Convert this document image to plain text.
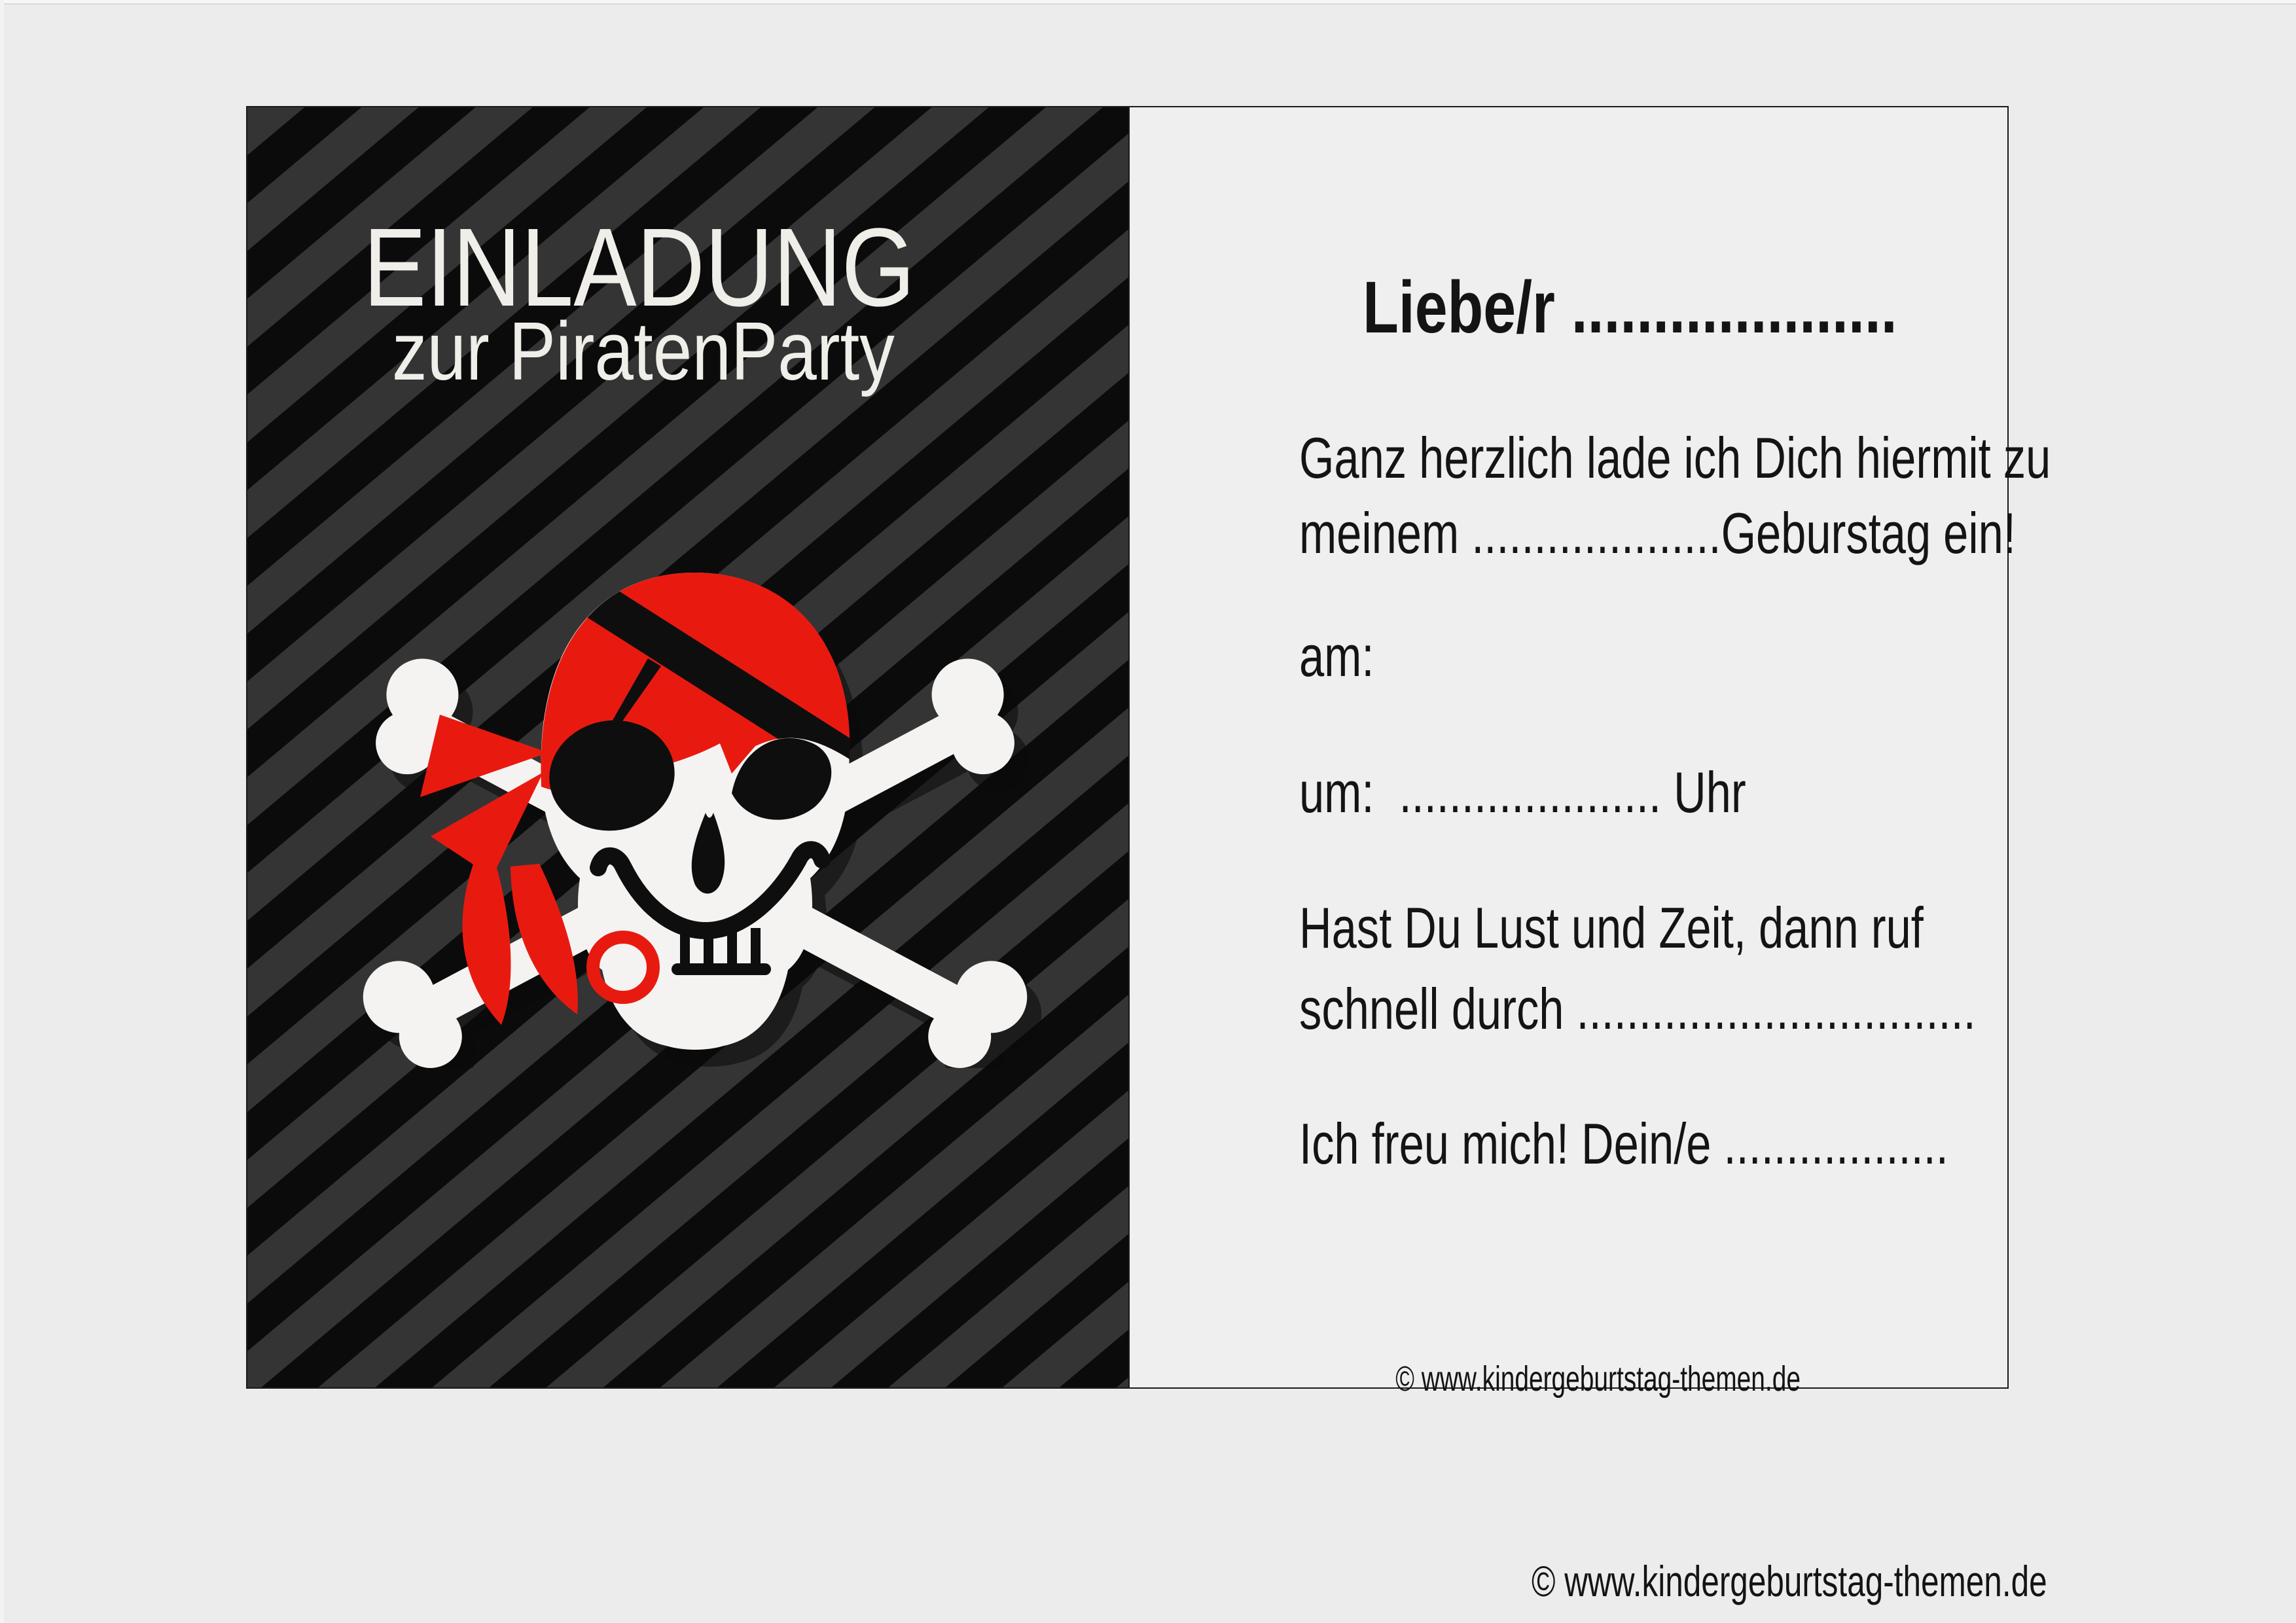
EINLADUNG
zur PiratenParty	Liebe/r ....................

Ganz herzlich lade ich Dich hiermit zu

meinem ....................Geburstag ein!

am:

um:  ..................... Uhr

Hast Du Lust und Zeit, dann ruf

schnell durch ................................

Ich freu mich! Dein/e ..................

© www.kindergeburtstag-themen.de

© www.kindergeburtstag-themen.de
